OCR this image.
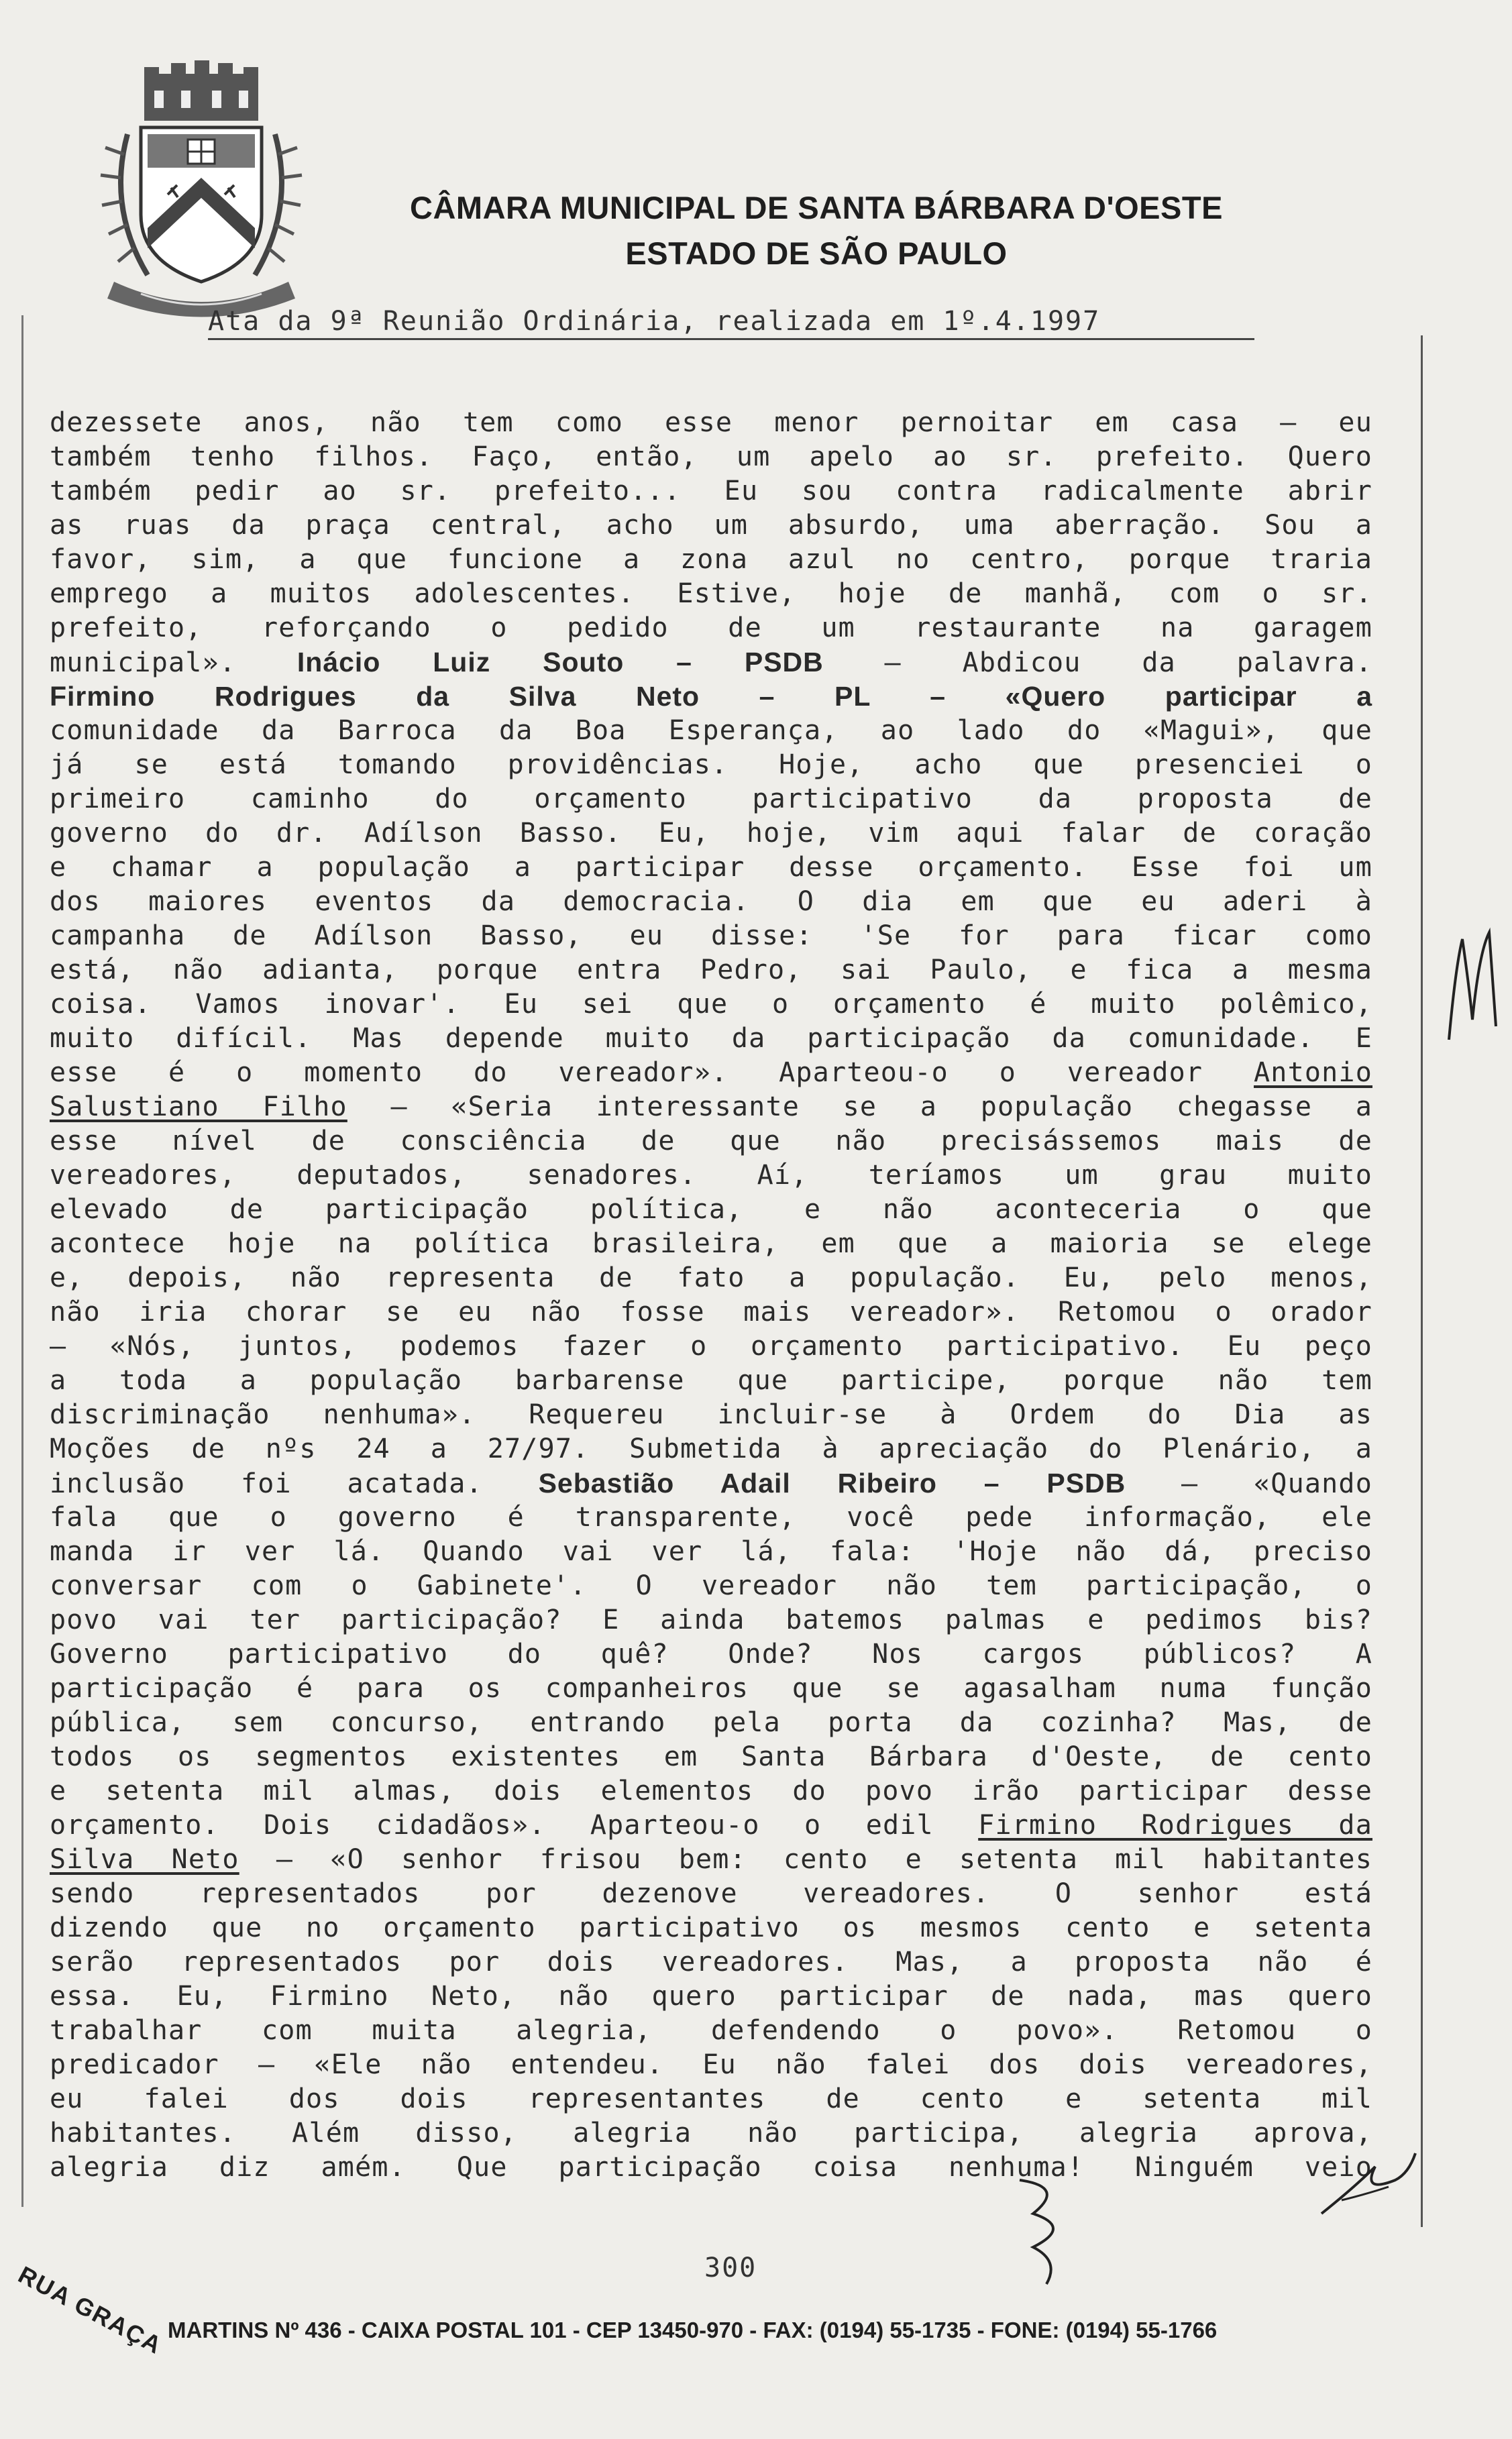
CÂMARA MUNICIPAL DE SANTA BÁRBARA D'OESTE
ESTADO DE SÃO PAULO
Ata da 9ª Reunião Ordinária, realizada em 1º.4.1997
dezessete anos, não tem como esse menor pernoitar em casa – eu
também tenho filhos. Faço, então, um apelo ao sr. prefeito. Quero
também pedir ao sr. prefeito... Eu sou contra radicalmente abrir
as ruas da praça central, acho um absurdo, uma aberração. Sou a
favor, sim, a que funcione a zona azul no centro, porque traria
emprego a muitos adolescentes. Estive, hoje de manhã, com o sr.
prefeito, reforçando o pedido de um restaurante na garagem
municipal». Inácio Luiz Souto – PSDB – Abdicou da palavra.
Firmino Rodrigues da Silva Neto – PL – «Quero participar a
comunidade da Barroca da Boa Esperança, ao lado do «Magui», que
já se está tomando providências. Hoje, acho que presenciei o
primeiro caminho do orçamento participativo da proposta de
governo do dr. Adílson Basso. Eu, hoje, vim aqui falar de coração
e chamar a população a participar desse orçamento. Esse foi um
dos maiores eventos da democracia. O dia em que eu aderi à
campanha de Adílson Basso, eu disse: 'Se for para ficar como
está, não adianta, porque entra Pedro, sai Paulo, e fica a mesma
coisa. Vamos inovar'. Eu sei que o orçamento é muito polêmico,
muito difícil. Mas depende muito da participação da comunidade. E
esse é o momento do vereador». Aparteou-o o vereador Antonio
Salustiano Filho – «Seria interessante se a população chegasse a
esse nível de consciência de que não precisássemos mais de
vereadores, deputados, senadores. Aí, teríamos um grau muito
elevado de participação política, e não aconteceria o que
acontece hoje na política brasileira, em que a maioria se elege
e, depois, não representa de fato a população. Eu, pelo menos,
não iria chorar se eu não fosse mais vereador». Retomou o orador
– «Nós, juntos, podemos fazer o orçamento participativo. Eu peço
a toda a população barbarense que participe, porque não tem
discriminação nenhuma». Requereu incluir-se à Ordem do Dia as
Moções de nºs 24 a 27/97. Submetida à apreciação do Plenário, a
inclusão foi acatada. Sebastião Adail Ribeiro – PSDB – «Quando
fala que o governo é transparente, você pede informação, ele
manda ir ver lá. Quando vai ver lá, fala: 'Hoje não dá, preciso
conversar com o Gabinete'. O vereador não tem participação, o
povo vai ter participação? E ainda batemos palmas e pedimos bis?
Governo participativo do quê? Onde? Nos cargos públicos? A
participação é para os companheiros que se agasalham numa função
pública, sem concurso, entrando pela porta da cozinha? Mas, de
todos os segmentos existentes em Santa Bárbara d'Oeste, de cento
e setenta mil almas, dois elementos do povo irão participar desse
orçamento. Dois cidadãos». Aparteou-o o edil Firmino Rodrigues da
Silva Neto – «O senhor frisou bem: cento e setenta mil habitantes
sendo representados por dezenove vereadores. O senhor está
dizendo que no orçamento participativo os mesmos cento e setenta
serão representados por dois vereadores. Mas, a proposta não é
essa. Eu, Firmino Neto, não quero participar de nada, mas quero
trabalhar com muita alegria, defendendo o povo». Retomou o
predicador – «Ele não entendeu. Eu não falei dos dois vereadores,
eu falei dos dois representantes de cento e setenta mil
habitantes. Além disso, alegria não participa, alegria aprova,
alegria diz amém. Que participação coisa nenhuma! Ninguém veio
300
RUA GRAÇA MARTINS Nº 436 - CAIXA POSTAL 101 - CEP 13450-970 - FAX: (0194) 55-1735 - FONE: (0194) 55-1766
